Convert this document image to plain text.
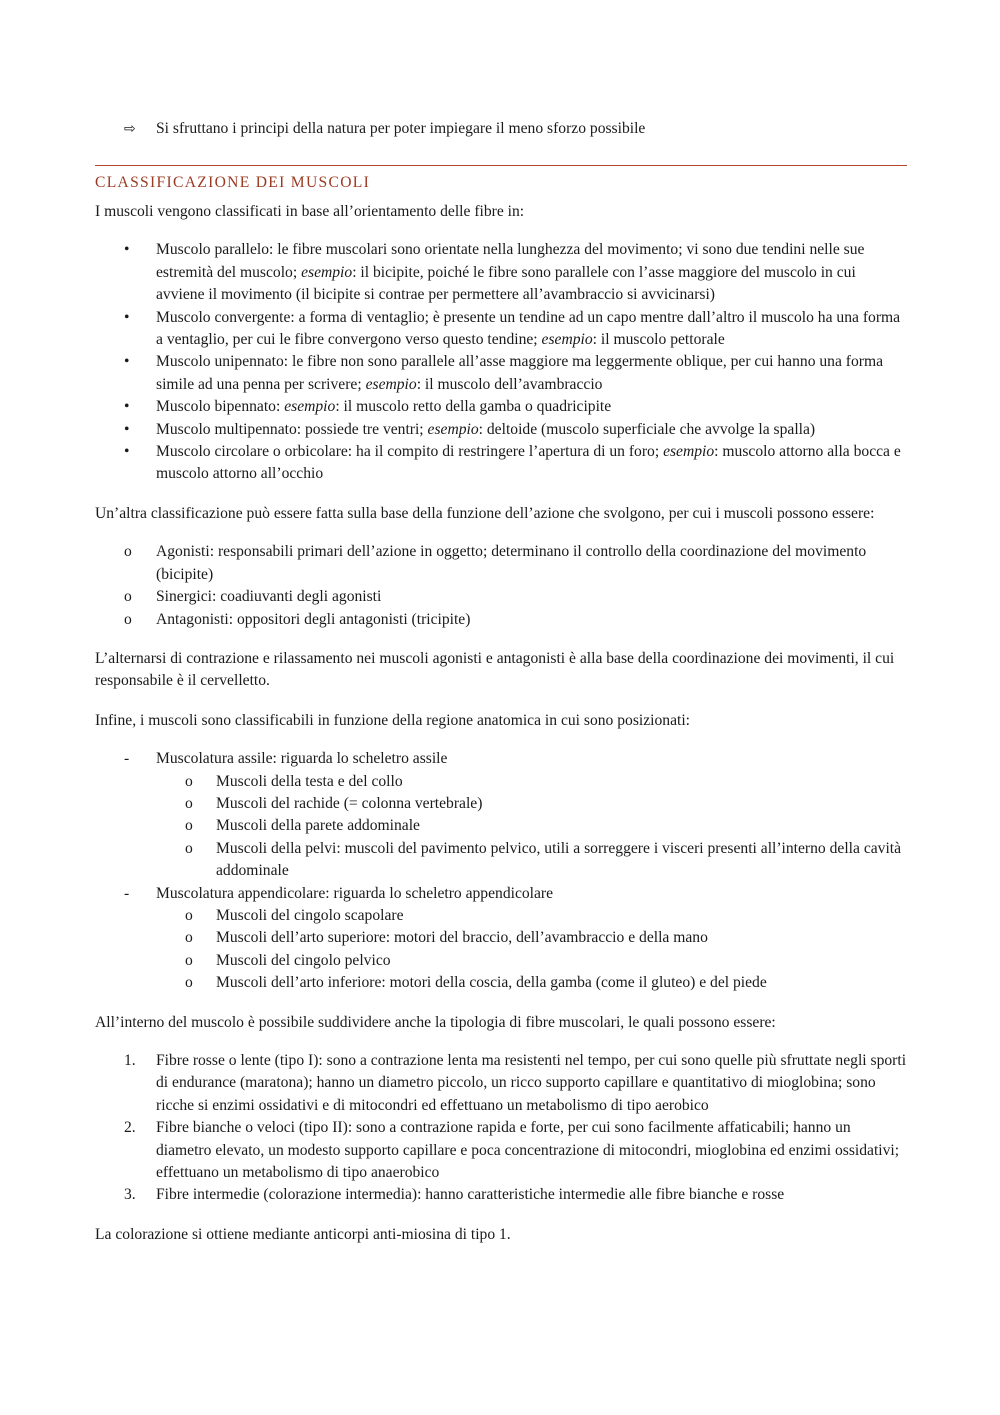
⇨ Si sfruttano i principi della natura per poter impiegare il meno sforzo possibile
CLASSIFICAZIONE DEI MUSCOLI

I muscoli vengono classificati in base all’orientamento delle fibre in:

• Muscolo parallelo: le fibre muscolari sono orientate nella lunghezza del movimento; vi sono due tendini nelle sue estremità del muscolo; esempio: il bicipite, poiché le fibre sono parallele con l’asse maggiore del muscolo in cui avviene il movimento (il bicipite si contrae per permettere all’avambraccio si avvicinarsi)
• Muscolo convergente: a forma di ventaglio; è presente un tendine ad un capo mentre dall’altro il muscolo ha una forma a ventaglio, per cui le fibre convergono verso questo tendine; esempio: il muscolo pettorale
• Muscolo unipennato: le fibre non sono parallele all’asse maggiore ma leggermente oblique, per cui hanno una forma simile ad una penna per scrivere; esempio: il muscolo dell’avambraccio
• Muscolo bipennato: esempio: il muscolo retto della gamba o quadricipite
• Muscolo multipennato: possiede tre ventri; esempio: deltoide (muscolo superficiale che avvolge la spalla)
• Muscolo circolare o orbicolare: ha il compito di restringere l’apertura di un foro; esempio: muscolo attorno alla bocca e muscolo attorno all’occhio

Un’altra classificazione può essere fatta sulla base della funzione dell’azione che svolgono, per cui i muscoli possono essere:

o Agonisti: responsabili primari dell’azione in oggetto; determinano il controllo della coordinazione del movimento (bicipite)
o Sinergici: coadiuvanti degli agonisti
o Antagonisti: oppositori degli antagonisti (tricipite)

L’alternarsi di contrazione e rilassamento nei muscoli agonisti e antagonisti è alla base della coordinazione dei movimenti, il cui responsabile è il cervelletto.

Infine, i muscoli sono classificabili in funzione della regione anatomica in cui sono posizionati:

- Muscolatura assile: riguarda lo scheletro assile
o Muscoli della testa e del collo
o Muscoli del rachide (= colonna vertebrale)
o Muscoli della parete addominale
o Muscoli della pelvi: muscoli del pavimento pelvico, utili a sorreggere i visceri presenti all’interno della cavità addominale
- Muscolatura appendicolare: riguarda lo scheletro appendicolare
o Muscoli del cingolo scapolare
o Muscoli dell’arto superiore: motori del braccio, dell’avambraccio e della mano
o Muscoli del cingolo pelvico
o Muscoli dell’arto inferiore: motori della coscia, della gamba (come il gluteo) e del piede

All’interno del muscolo è possibile suddividere anche la tipologia di fibre muscolari, le quali possono essere:

1. Fibre rosse o lente (tipo I): sono a contrazione lenta ma resistenti nel tempo, per cui sono quelle più sfruttate negli sporti di endurance (maratona); hanno un diametro piccolo, un ricco supporto capillare e quantitativo di mioglobina; sono ricche si enzimi ossidativi e di mitocondri ed effettuano un metabolismo di tipo aerobico
2. Fibre bianche o veloci (tipo II): sono a contrazione rapida e forte, per cui sono facilmente affaticabili; hanno un diametro elevato, un modesto supporto capillare e poca concentrazione di mitocondri, mioglobina ed enzimi ossidativi; effettuano un metabolismo di tipo anaerobico
3. Fibre intermedie (colorazione intermedia): hanno caratteristiche intermedie alle fibre bianche e rosse

La colorazione si ottiene mediante anticorpi anti-miosina di tipo 1.
